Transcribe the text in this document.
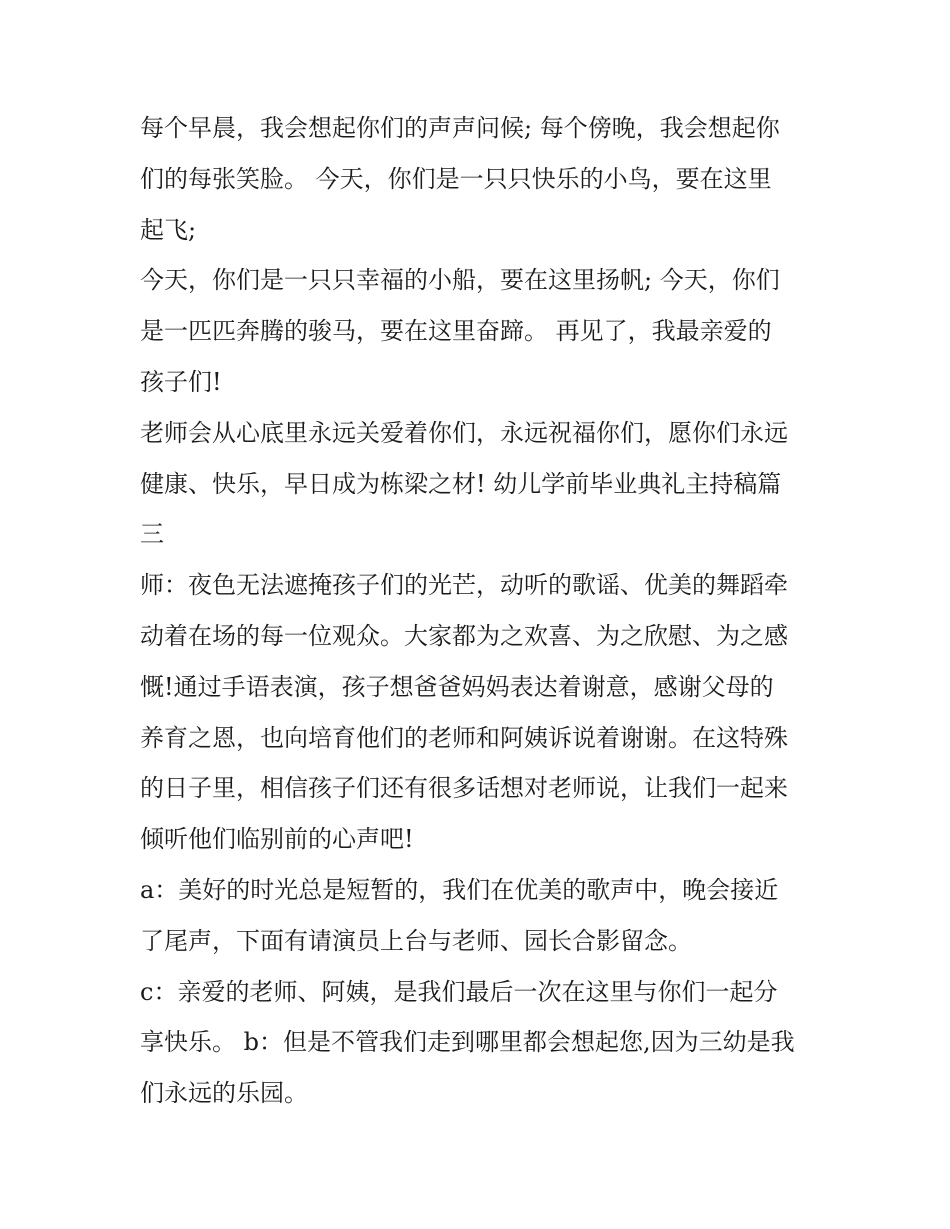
每个早晨，我会想起你们的声声问候; 每个傍晚，我会想起你
们的每张笑脸。 今天，你们是一只只快乐的小鸟，要在这里
起飞;
今天，你们是一只只幸福的小船，要在这里扬帆; 今天，你们
是一匹匹奔腾的骏马，要在这里奋蹄。 再见了，我最亲爱的
孩子们!
老师会从心底里永远关爱着你们，永远祝福你们，愿你们永远
健康、快乐，早日成为栋梁之材! 幼儿学前毕业典礼主持稿篇
三
师：夜色无法遮掩孩子们的光芒，动听的歌谣、优美的舞蹈牵
动着在场的每一位观众。大家都为之欢喜、为之欣慰、为之感
慨!通过手语表演，孩子想爸爸妈妈表达着谢意，感谢父母的
养育之恩，也向培育他们的老师和阿姨诉说着谢谢。在这特殊
的日子里，相信孩子们还有很多话想对老师说，让我们一起来
倾听他们临别前的心声吧!
a：美好的时光总是短暂的，我们在优美的歌声中，晚会接近
了尾声，下面有请演员上台与老师、园长合影留念。
c：亲爱的老师、阿姨，是我们最后一次在这里与你们一起分
享快乐。 b：但是不管我们走到哪里都会想起您,因为三幼是我
们永远的乐园。
